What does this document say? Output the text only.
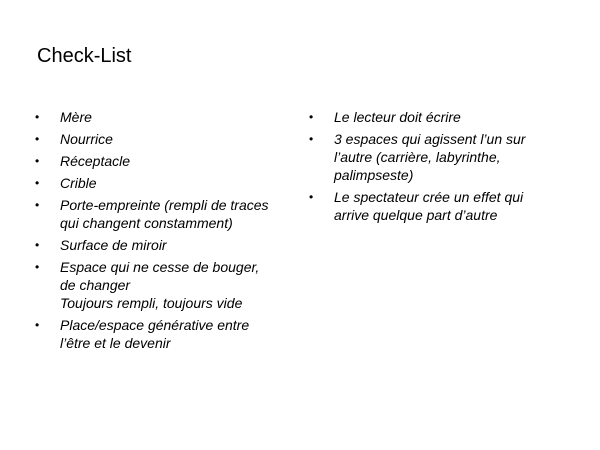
Check-List
• Mère
• Nourrice
• Réceptacle
• Crible
• Porte-empreinte (rempli de traces
qui changent constamment)
• Surface de miroir
• Espace qui ne cesse de bouger,
de changer
Toujours rempli, toujours vide
• Place/espace générative entre
l’être et le devenir
• Le lecteur doit écrire
• 3 espaces qui agissent l’un sur
l’autre (carrière, labyrinthe,
palimpseste)
• Le spectateur crée un effet qui
arrive quelque part d’autre
